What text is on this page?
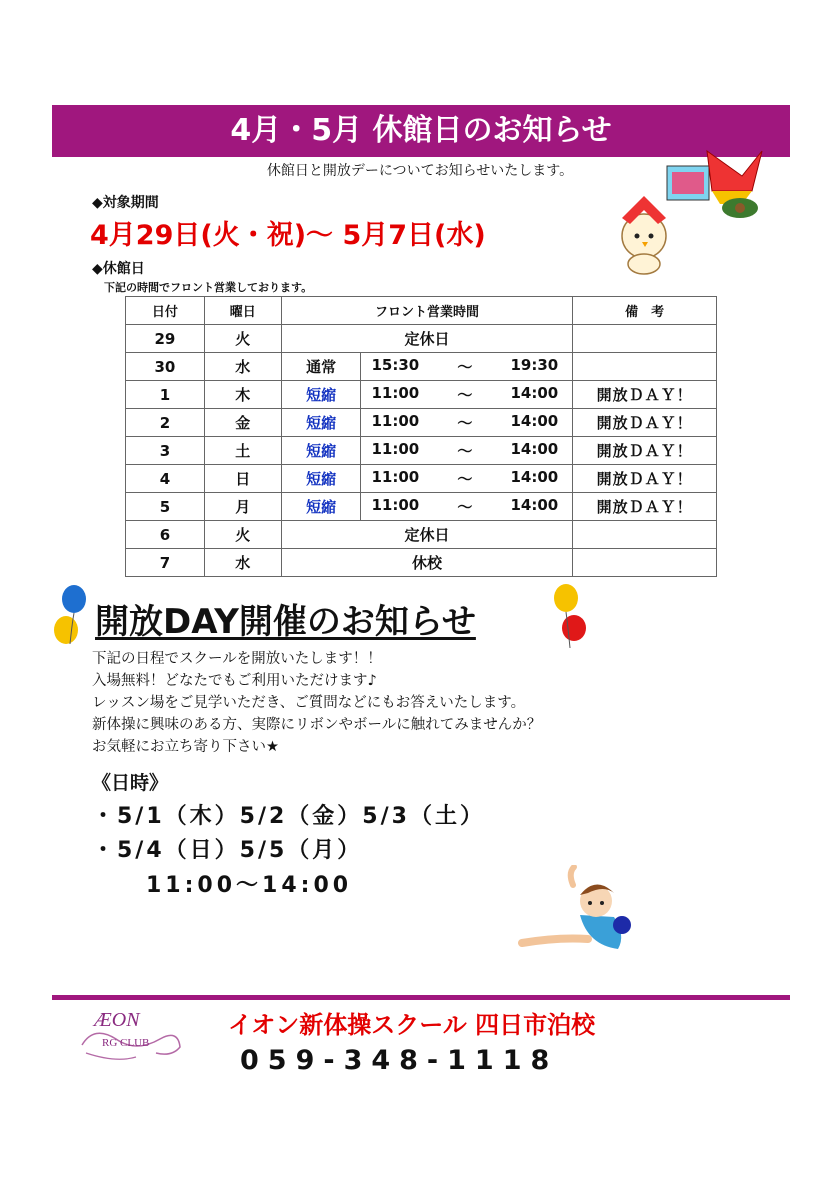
4月・5月 休館日のお知らせ
休館日と開放デーについてお知らせいたします。
◆対象期間
4月29日(火・祝)～ 5月7日(水)
◆休館日
下記の時間でフロント営業しております。
日付	曜日	フロント営業時間		備　考
29	火	定休日		
30	水	通常	15:30 ～ 19:30	

1	木	短縮	11:00 ～ 14:00	開放ＤＡＹ！
2	金	短縮	11:00 ～ 14:00	開放ＤＡＹ！
3	土	短縮	11:00 ～ 14:00	開放ＤＡＹ！
4	日	短縮	11:00 ～ 14:00	開放ＤＡＹ！
5	月	短縮	11:00 ～ 14:00	開放ＤＡＹ！
6	火	定休日		
7	水	休校		
開放DAY開催のお知らせ
下記の日程でスクールを開放いたします！！
入場無料！どなたでもご利用いただけます♪
レッスン場をご見学いただき、ご質問などにもお答えいたします。
新体操に興味のある方、実際にリボンやボールに触れてみませんか？
お気軽にお立ち寄り下さい★
《日時》
・5/1（木）5/2（金）5/3（土）
・5/4（日）5/5（月）
11:00～14:00
ÆON
RG CLUB
イオン新体操スクール 四日市泊校
059-348-1118
